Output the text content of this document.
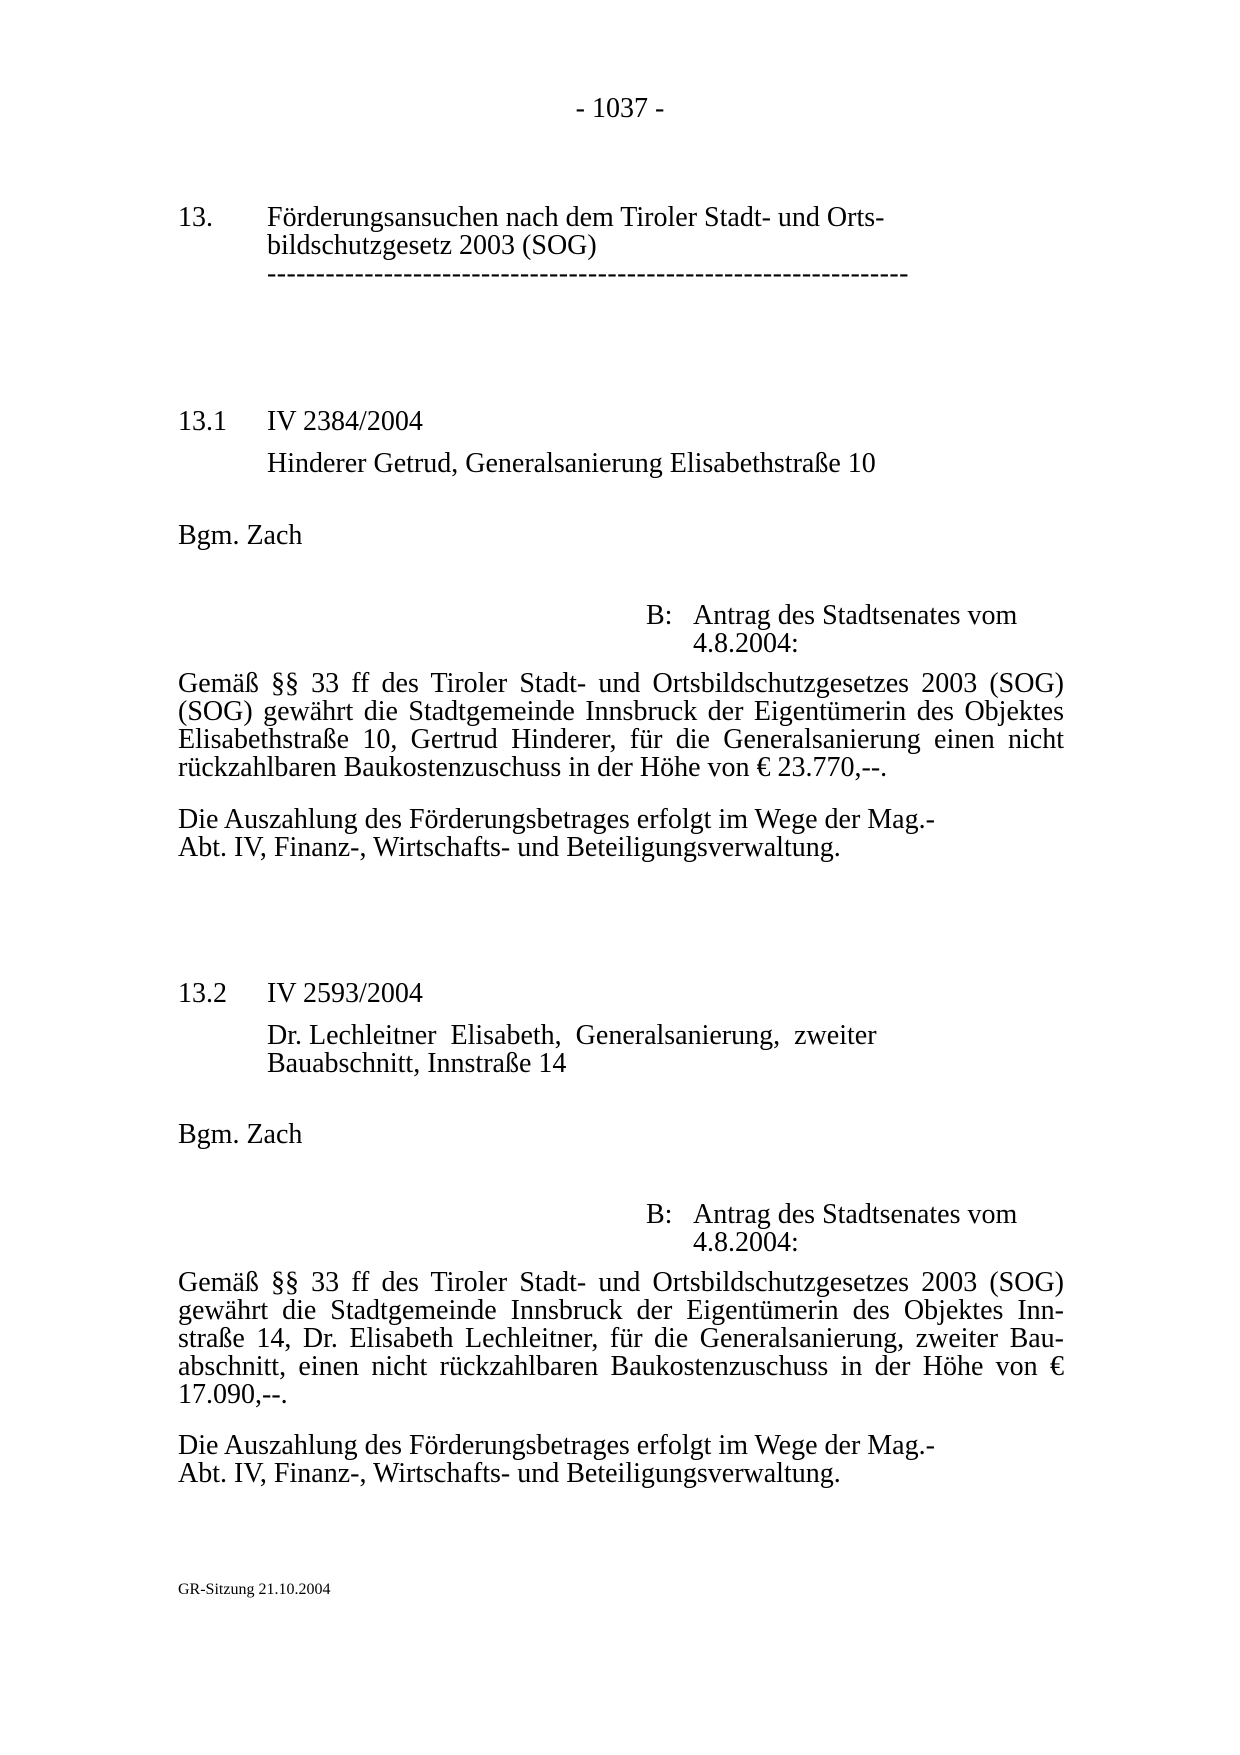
- 1037 -
13. Förderungsansuchen nach dem Tiroler Stadt- und Orts-
bildschutzgesetz 2003 (SOG)
------------------------------------------------------------------
13.1 IV 2384/2004
Hinderer Getrud, Generalsanierung Elisabethstraße 10
Bgm. Zach
B: Antrag des Stadtsenates vom
4.8.2004:
Gemäß §§ 33 ff des Tiroler Stadt- und Ortsbildschutzgesetzes 2003 (SOG) (SOG) gewährt die Stadtgemeinde Innsbruck der Eigentümerin des Objektes Elisabethstraße 10, Gertrud Hinderer, für die Generalsanierung einen nicht rückzahlbaren Baukostenzuschuss in der Höhe von € 23.770,--.
Die Auszahlung des Förderungsbetrages erfolgt im Wege der Mag.-
Abt. IV, Finanz-, Wirtschafts- und Beteiligungsverwaltung.
13.2 IV 2593/2004
Dr. Lechleitner  Elisabeth,  Generalsanierung,  zweiter
Bauabschnitt, Innstraße 14
Bgm. Zach
B: Antrag des Stadtsenates vom
4.8.2004:
Gemäß §§ 33 ff des Tiroler Stadt- und Ortsbildschutzgesetzes 2003 (SOG) gewährt die Stadtgemeinde Innsbruck der Eigentümerin des Objektes Innstraße 14, Dr. Elisabeth Lechleitner, für die Generalsanierung, zweiter Bauabschnitt, einen nicht rückzahlbaren Baukostenzuschuss in der Höhe von € 17.090,--.
Die Auszahlung des Förderungsbetrages erfolgt im Wege der Mag.-
Abt. IV, Finanz-, Wirtschafts- und Beteiligungsverwaltung.
GR-Sitzung 21.10.2004
